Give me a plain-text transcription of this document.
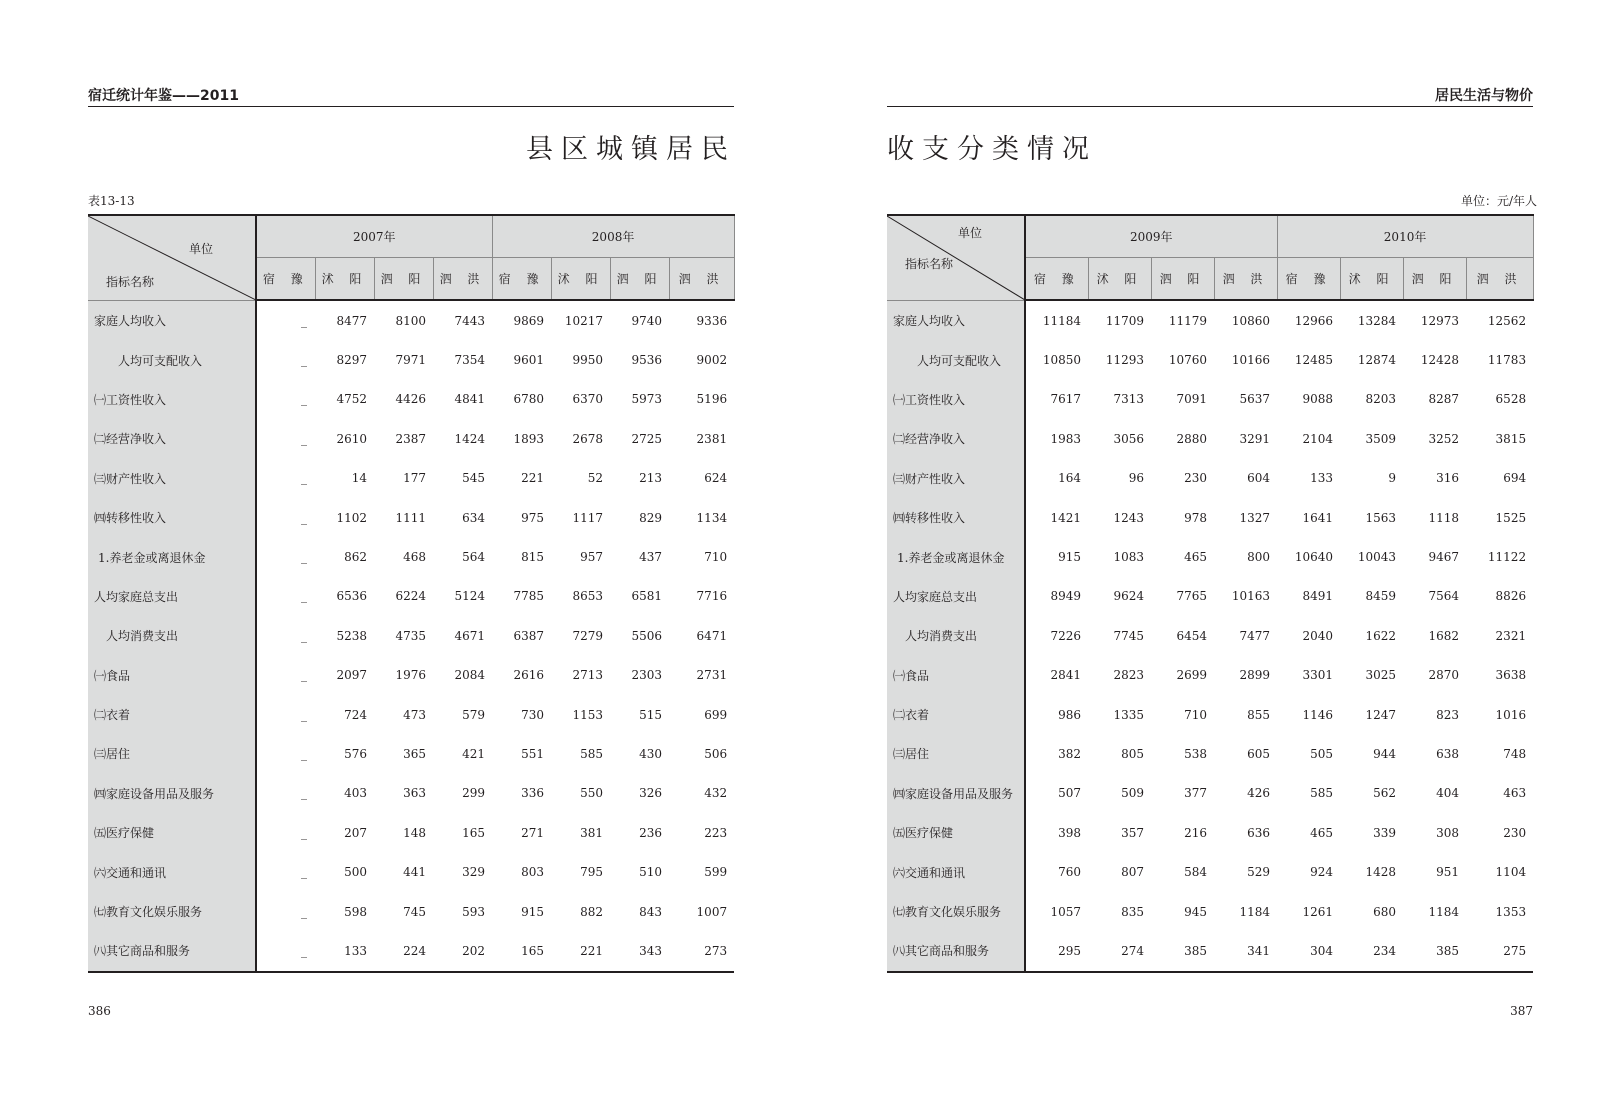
宿迁统计年鉴——2011
县区城镇居民
表13-13
单位
指标名称	2007年				2008年			
	宿 豫	沭 阳	泗 阳	泗 洪	宿 豫	沭 阳	泗 阳	泗 洪
家庭人均收入	_	8477	8100	7443	9869	10217	9740	9336
人均可支配收入	_	8297	7971	7354	9601	9950	9536	9002
㈠工资性收入	_	4752	4426	4841	6780	6370	5973	5196
㈡经营净收入	_	2610	2387	1424	1893	2678	2725	2381
㈢财产性收入	_	14	177	545	221	52	213	624
㈣转移性收入	_	1102	1111	634	975	1117	829	1134
1.养老金或离退休金	_	862	468	564	815	957	437	710
人均家庭总支出	_	6536	6224	5124	7785	8653	6581	7716
人均消费支出	_	5238	4735	4671	6387	7279	5506	6471
㈠食品	_	2097	1976	2084	2616	2713	2303	2731
㈡衣着	_	724	473	579	730	1153	515	699
㈢居住	_	576	365	421	551	585	430	506
㈣家庭设备用品及服务	_	403	363	299	336	550	326	432
㈤医疗保健	_	207	148	165	271	381	236	223
㈥交通和通讯	_	500	441	329	803	795	510	599
㈦教育文化娱乐服务	_	598	745	593	915	882	843	1007
㈧其它商品和服务	_	133	224	202	165	221	343	273
386
居民生活与物价
收支分类情况
单位：元/年人
单位
指标名称	2009年				2010年			
	宿 豫	沭 阳	泗 阳	泗 洪	宿 豫	沭 阳	泗 阳	泗 洪
家庭人均收入	11184	11709	11179	10860	12966	13284	12973	12562
人均可支配收入	10850	11293	10760	10166	12485	12874	12428	11783
㈠工资性收入	7617	7313	7091	5637	9088	8203	8287	6528
㈡经营净收入	1983	3056	2880	3291	2104	3509	3252	3815
㈢财产性收入	164	96	230	604	133	9	316	694
㈣转移性收入	1421	1243	978	1327	1641	1563	1118	1525
1.养老金或离退休金	915	1083	465	800	10640	10043	9467	11122
人均家庭总支出	8949	9624	7765	10163	8491	8459	7564	8826
人均消费支出	7226	7745	6454	7477	2040	1622	1682	2321
㈠食品	2841	2823	2699	2899	3301	3025	2870	3638
㈡衣着	986	1335	710	855	1146	1247	823	1016
㈢居住	382	805	538	605	505	944	638	748
㈣家庭设备用品及服务	507	509	377	426	585	562	404	463
㈤医疗保健	398	357	216	636	465	339	308	230
㈥交通和通讯	760	807	584	529	924	1428	951	1104
㈦教育文化娱乐服务	1057	835	945	1184	1261	680	1184	1353
㈧其它商品和服务	295	274	385	341	304	234	385	275
387
